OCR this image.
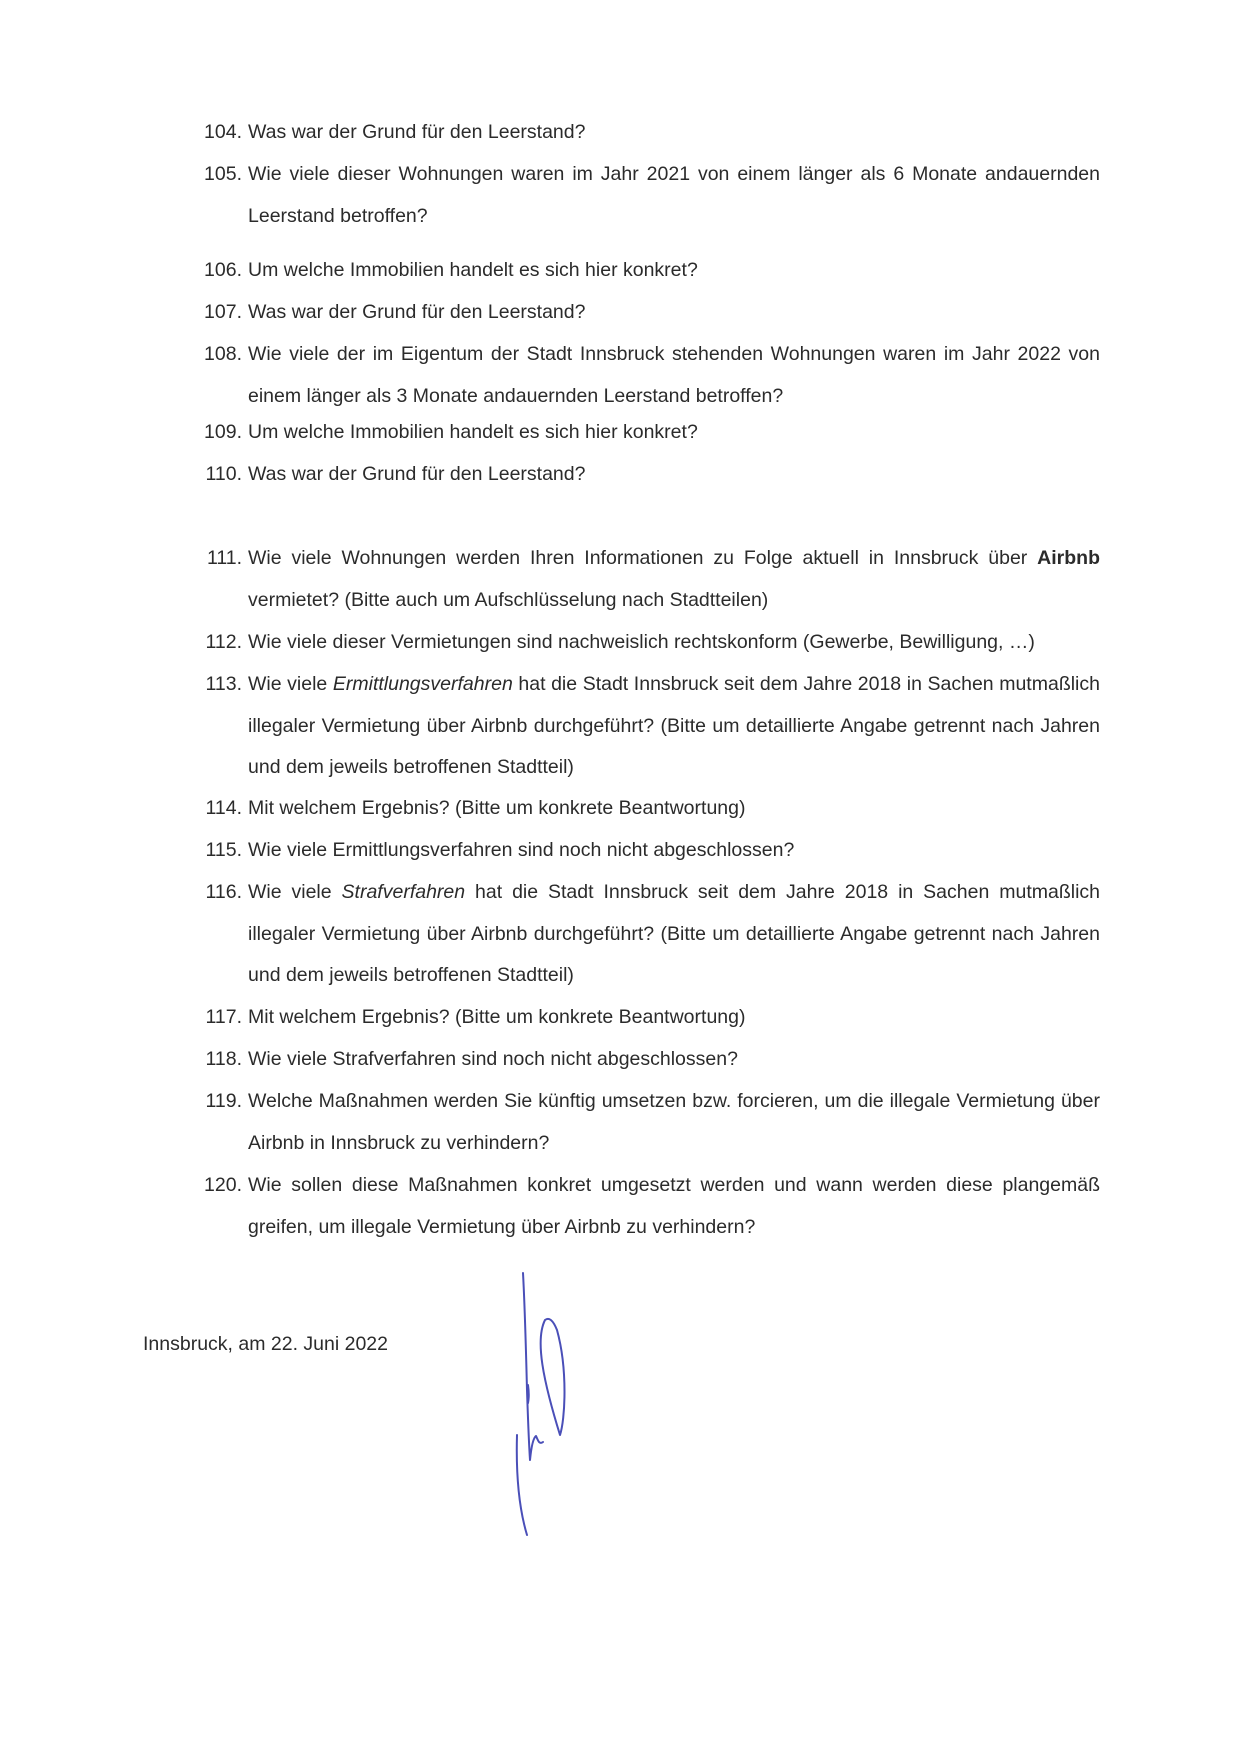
104. Was war der Grund für den Leerstand?
105. Wie viele dieser Wohnungen waren im Jahr 2021 von einem länger als 6 Monate andauernden Leerstand betroffen?
106. Um welche Immobilien handelt es sich hier konkret?
107. Was war der Grund für den Leerstand?
108. Wie viele der im Eigentum der Stadt Innsbruck stehenden Wohnungen waren im Jahr 2022 von einem länger als 3 Monate andauernden Leerstand betroffen?
109. Um welche Immobilien handelt es sich hier konkret?
110. Was war der Grund für den Leerstand?
111. Wie viele Wohnungen werden Ihren Informationen zu Folge aktuell in Innsbruck über Airbnb vermietet? (Bitte auch um Aufschlüsselung nach Stadtteilen)
112. Wie viele dieser Vermietungen sind nachweislich rechtskonform (Gewerbe, Bewilligung, …)
113. Wie viele Ermittlungsverfahren hat die Stadt Innsbruck seit dem Jahre 2018 in Sachen mutmaßlich illegaler Vermietung über Airbnb durchgeführt? (Bitte um detaillierte Angabe getrennt nach Jahren und dem jeweils betroffenen Stadtteil)
114. Mit welchem Ergebnis? (Bitte um konkrete Beantwortung)
115. Wie viele Ermittlungsverfahren sind noch nicht abgeschlossen?
116. Wie viele Strafverfahren hat die Stadt Innsbruck seit dem Jahre 2018 in Sachen mutmaßlich illegaler Vermietung über Airbnb durchgeführt? (Bitte um detaillierte Angabe getrennt nach Jahren und dem jeweils betroffenen Stadtteil)
117. Mit welchem Ergebnis? (Bitte um konkrete Beantwortung)
118. Wie viele Strafverfahren sind noch nicht abgeschlossen?
119. Welche Maßnahmen werden Sie künftig umsetzen bzw. forcieren, um die illegale Vermietung über Airbnb in Innsbruck zu verhindern?
120. Wie sollen diese Maßnahmen konkret umgesetzt werden und wann werden diese plangemäß greifen, um illegale Vermietung über Airbnb zu verhindern?
Innsbruck, am 22. Juni 2022
